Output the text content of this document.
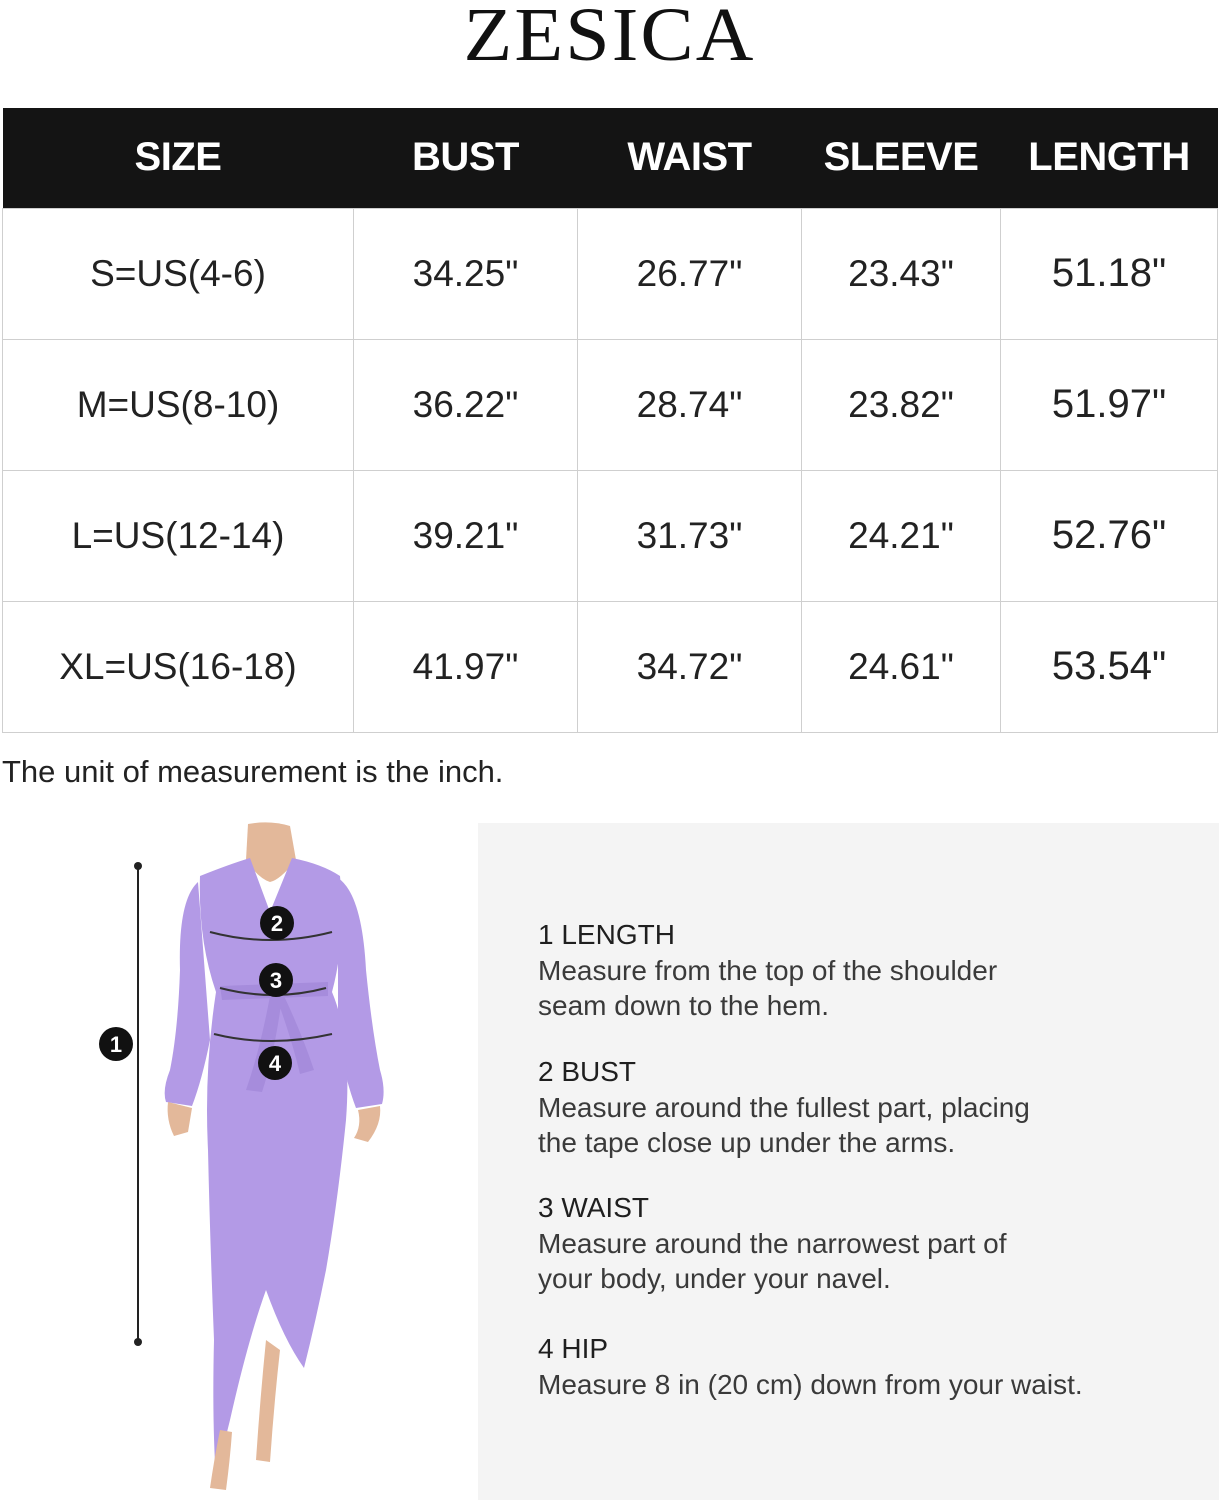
ZESICA
SIZE	BUST	WAIST	SLEEVE	LENGTH
S=US(4-6)	34.25"	26.77"	23.43"	51.18"
M=US(8-10)	36.22"	28.74"	23.82"	51.97"
L=US(12-14)	39.21"	31.73"	24.21"	52.76"
XL=US(16-18)	41.97"	34.72"	24.61"	53.54"
The unit of measurement is the inch.
1
2
3
4
1 LENGTH
Measure from the top of the shoulder
seam down to the hem.
2 BUST
Measure around the fullest part, placing
the tape close up under the arms.
3 WAIST
Measure around the narrowest part of
your body, under your navel.
4 HIP
Measure 8 in (20 cm) down from your waist.
